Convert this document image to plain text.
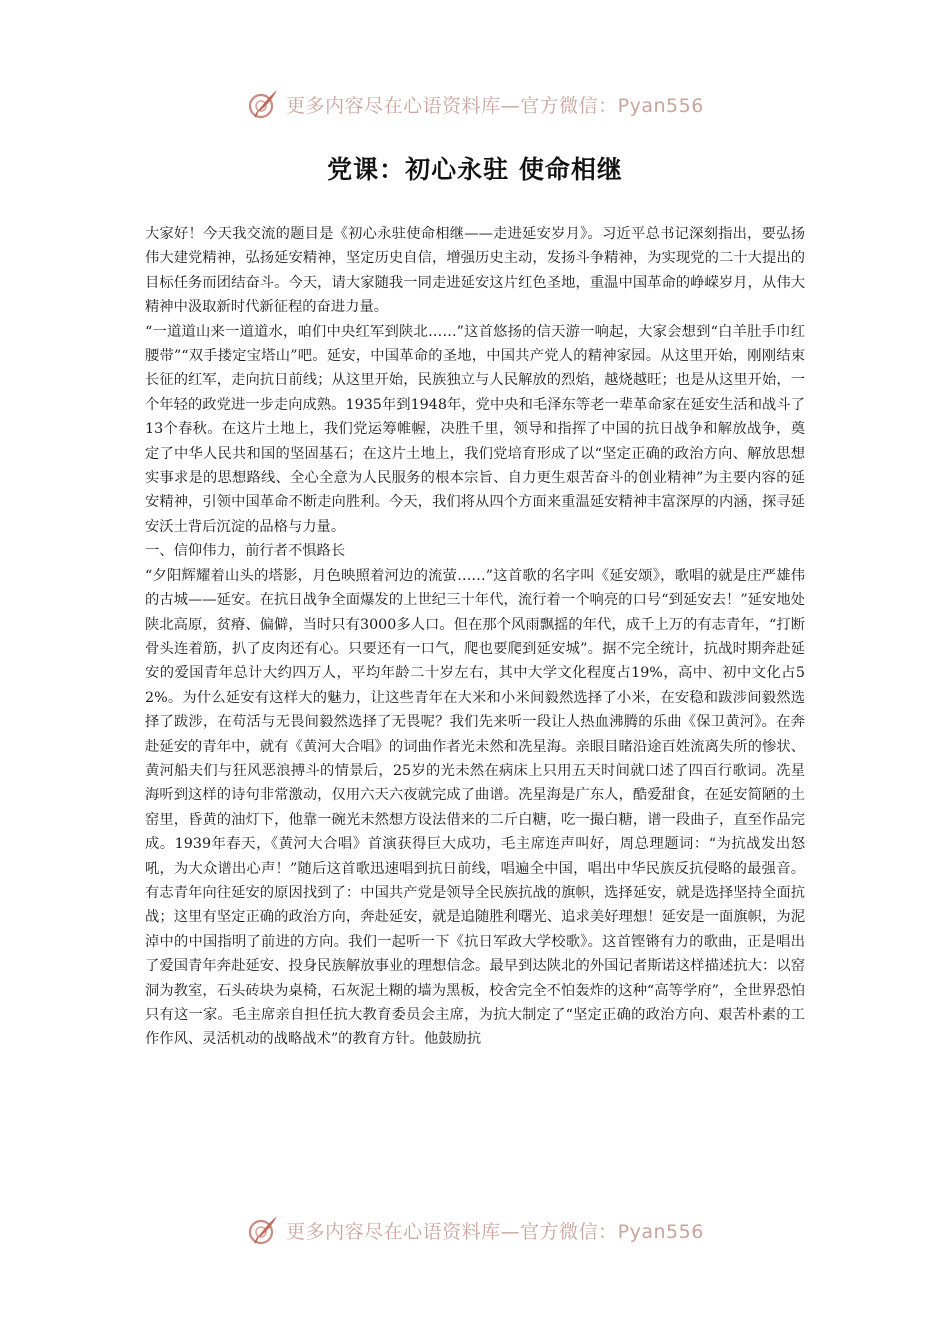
更多内容尽在心语资料库—官方微信：Pyan556
党课：初心永驻 使命相继

大家好！今天我交流的题目是《初心永驻使命相继——走进延安岁月》。习近平总书记深刻指出，要弘扬伟大建党精神，弘扬延安精神，坚定历史自信，增强历史主动，发扬斗争精神，为实现党的二十大提出的目标任务而团结奋斗。今天，请大家随我一同走进延安这片红色圣地，重温中国革命的峥嵘岁月，从伟大精神中汲取新时代新征程的奋进力量。

“一道道山来一道道水，咱们中央红军到陕北……”这首悠扬的信天游一响起，大家会想到“白羊肚手巾红腰带”“双手搂定宝塔山”吧。延安，中国革命的圣地，中国共产党人的精神家园。从这里开始，刚刚结束长征的红军，走向抗日前线；从这里开始，民族独立与人民解放的烈焰，越烧越旺；也是从这里开始，一个年轻的政党进一步走向成熟。1935年到1948年，党中央和毛泽东等老一辈革命家在延安生活和战斗了13个春秋。在这片土地上，我们党运筹帷幄，决胜千里，领导和指挥了中国的抗日战争和解放战争，奠定了中华人民共和国的坚固基石；在这片土地上，我们党培育形成了以“坚定正确的政治方向、解放思想实事求是的思想路线、全心全意为人民服务的根本宗旨、自力更生艰苦奋斗的创业精神”为主要内容的延安精神，引领中国革命不断走向胜利。今天，我们将从四个方面来重温延安精神丰富深厚的内涵，探寻延安沃土背后沉淀的品格与力量。

一、信仰伟力，前行者不惧路长

“夕阳辉耀着山头的塔影，月色映照着河边的流萤……”这首歌的名字叫《延安颂》，歌唱的就是庄严雄伟的古城——延安。在抗日战争全面爆发的上世纪三十年代，流行着一个响亮的口号“到延安去！”延安地处陕北高原，贫瘠、偏僻，当时只有3000多人口。但在那个风雨飘摇的年代，成千上万的有志青年，“打断骨头连着筋，扒了皮肉还有心。只要还有一口气，爬也要爬到延安城”。据不完全统计，抗战时期奔赴延安的爱国青年总计大约四万人，平均年龄二十岁左右，其中大学文化程度占19%，高中、初中文化占52%。为什么延安有这样大的魅力，让这些青年在大米和小米间毅然选择了小米，在安稳和跋涉间毅然选择了跋涉，在苟活与无畏间毅然选择了无畏呢？我们先来听一段让人热血沸腾的乐曲《保卫黄河》。在奔赴延安的青年中，就有《黄河大合唱》的词曲作者光未然和冼星海。亲眼目睹沿途百姓流离失所的惨状、黄河船夫们与狂风恶浪搏斗的情景后，25岁的光未然在病床上只用五天时间就口述了四百行歌词。冼星海听到这样的诗句非常激动，仅用六天六夜就完成了曲谱。冼星海是广东人，酷爱甜食，在延安简陋的土窑里，昏黄的油灯下，他靠一碗光未然想方设法借来的二斤白糖，吃一撮白糖，谱一段曲子，直至作品完成。1939年春天，《黄河大合唱》首演获得巨大成功，毛主席连声叫好，周总理题词：“为抗战发出怒吼，为大众谱出心声！”随后这首歌迅速唱到抗日前线，唱遍全中国，唱出中华民族反抗侵略的最强音。有志青年向往延安的原因找到了：中国共产党是领导全民族抗战的旗帜，选择延安，就是选择坚持全面抗战；这里有坚定正确的政治方向，奔赴延安，就是追随胜利曙光、追求美好理想！延安是一面旗帜，为泥淖中的中国指明了前进的方向。我们一起听一下《抗日军政大学校歌》。这首铿锵有力的歌曲，正是唱出了爱国青年奔赴延安、投身民族解放事业的理想信念。最早到达陕北的外国记者斯诺这样描述抗大：以窑洞为教室，石头砖块为桌椅，石灰泥土糊的墙为黑板，校舍完全不怕轰炸的这种“高等学府”，全世界恐怕只有这一家。毛主席亲自担任抗大教育委员会主席，为抗大制定了“坚定正确的政治方向、艰苦朴素的工作作风、灵活机动的战略战术”的教育方针。他鼓励抗

更多内容尽在心语资料库—官方微信：Pyan556
